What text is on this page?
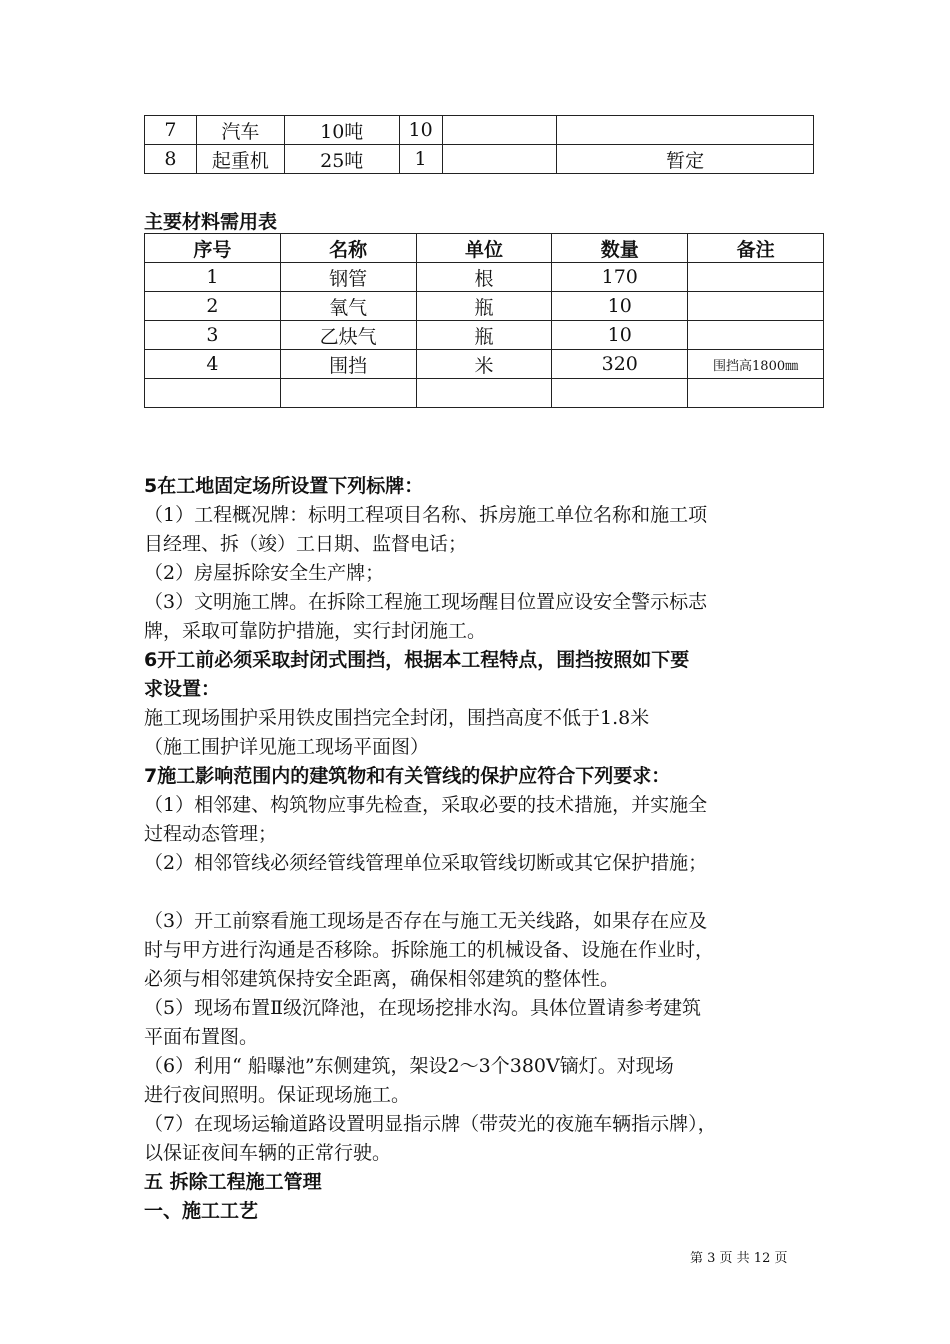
7	汽车	10吨	10		
8	起重机	25吨	1		暂定
主要材料需用表
序号	名称	单位	数量	备注
1	钢管	根	170	
2	氧气	瓶	10	
3	乙炔气	瓶	10	
4	围挡	米	320	围挡高1800㎜

5在工地固定场所设置下列标牌：
（1）工程概况牌：标明工程项目名称、拆房施工单位名称和施工项
目经理、拆（竣）工日期、监督电话；
（2）房屋拆除安全生产牌；
（3）文明施工牌。在拆除工程施工现场醒目位置应设安全警示标志
牌，采取可靠防护措施，实行封闭施工。
6开工前必须采取封闭式围挡，根据本工程特点，围挡按照如下要
求设置：
施工现场围护采用铁皮围挡完全封闭，围挡高度不低于1.8米
（施工围护详见施工现场平面图）
7施工影响范围内的建筑物和有关管线的保护应符合下列要求：
（1）相邻建、构筑物应事先检查，采取必要的技术措施，并实施全
过程动态管理；
（2）相邻管线必须经管线管理单位采取管线切断或其它保护措施；
（3）开工前察看施工现场是否存在与施工无关线路，如果存在应及
时与甲方进行沟通是否移除。拆除施工的机械设备、设施在作业时，
必须与相邻建筑保持安全距离，确保相邻建筑的整体性。
（5）现场布置Ⅱ级沉降池，在现场挖排水沟。具体位置请参考建筑
平面布置图。
（6）利用“ 船曝池”东侧建筑，架设2～3个380V镝灯。对现场
进行夜间照明。保证现场施工。
（7）在现场运输道路设置明显指示牌（带荧光的夜施车辆指示牌），
以保证夜间车辆的正常行驶。
五 拆除工程施工管理
一、施工工艺
第 3 页 共 12 页
